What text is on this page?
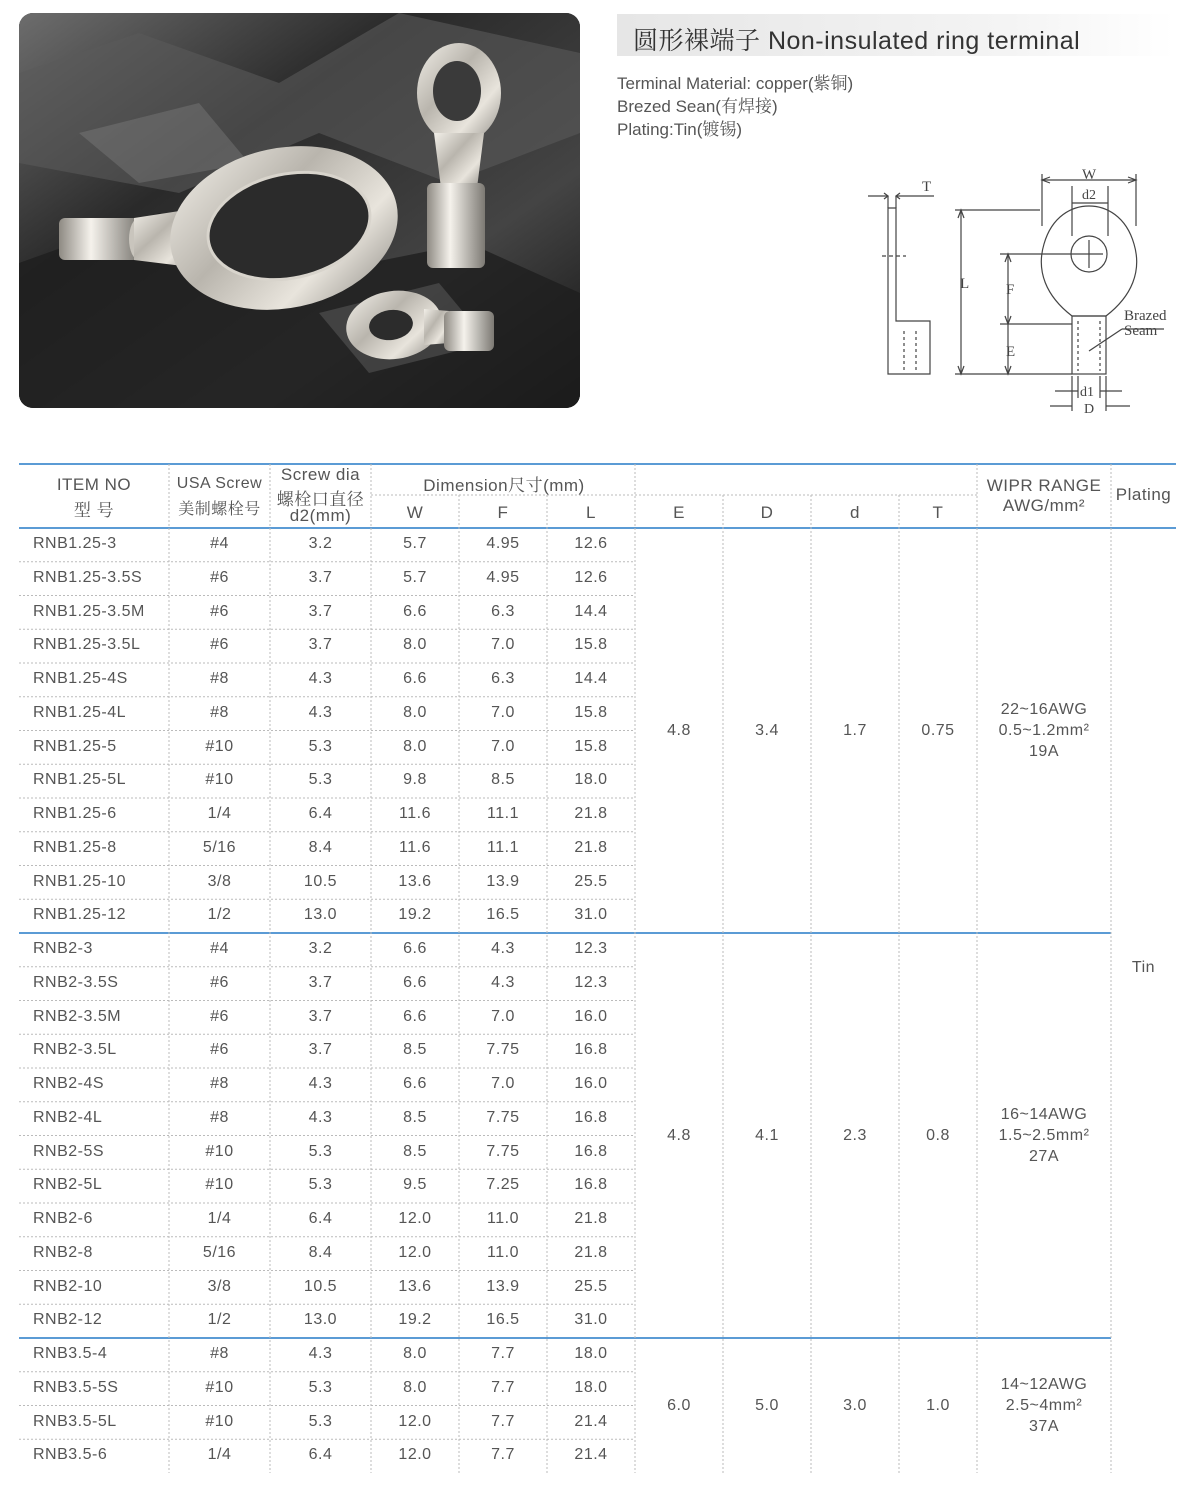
圆形裸端子 Non-insulated ring terminal
Terminal Material: copper(紫铜)
Brezed Sean(有焊接)
Plating:Tin(镀锡)
T
W
d2
L F
E
Brazed
Seam
d1
D
ITEM NO
型 号
USA Screw
美制螺栓号
Screw dia
螺栓口直径
d2(mm)
Dimension尺寸(mm)
W	F	L	E	D	d	T
WIPR RANGE
AWG/mm²
Plating
RNB1.25-3	#4	3.2	5.7	4.95	12.6
RNB1.25-3.5S	#6	3.7	5.7	4.95	12.6
RNB1.25-3.5M	#6	3.7	6.6	6.3	14.4
RNB1.25-3.5L	#6	3.7	8.0	7.0	15.8
RNB1.25-4S	#8	4.3	6.6	6.3	14.4
RNB1.25-4L	#8	4.3	8.0	7.0	15.8
RNB1.25-5	#10	5.3	8.0	7.0	15.8
RNB1.25-5L	#10	5.3	9.8	8.5	18.0
RNB1.25-6	1/4	6.4	11.6	11.1	21.8
RNB1.25-8	5/16	8.4	11.6	11.1	21.8
RNB1.25-10	3/8	10.5	13.6	13.9	25.5
RNB1.25-12	1/2	13.0	19.2	16.5	31.0
RNB2-3	#4	3.2	6.6	4.3	12.3
RNB2-3.5S	#6	3.7	6.6	4.3	12.3
RNB2-3.5M	#6	3.7	6.6	7.0	16.0
RNB2-3.5L	#6	3.7	8.5	7.75	16.8
RNB2-4S	#8	4.3	6.6	7.0	16.0
RNB2-4L	#8	4.3	8.5	7.75	16.8
RNB2-5S	#10	5.3	8.5	7.75	16.8
RNB2-5L	#10	5.3	9.5	7.25	16.8
RNB2-6	1/4	6.4	12.0	11.0	21.8
RNB2-8	5/16	8.4	12.0	11.0	21.8
RNB2-10	3/8	10.5	13.6	13.9	25.5
RNB2-12	1/2	13.0	19.2	16.5	31.0
RNB3.5-4	#8	4.3	8.0	7.7	18.0
RNB3.5-5S	#10	5.3	8.0	7.7	18.0
RNB3.5-5L	#10	5.3	12.0	7.7	21.4
RNB3.5-6	1/4	6.4	12.0	7.7	21.4
4.8	3.4	1.7	0.75
22~16AWG
0.5~1.2mm²
19A
4.8	4.1	2.3	0.8
16~14AWG
1.5~2.5mm²
27A
6.0	5.0	3.0	1.0
14~12AWG
2.5~4mm²
37A
Tin
